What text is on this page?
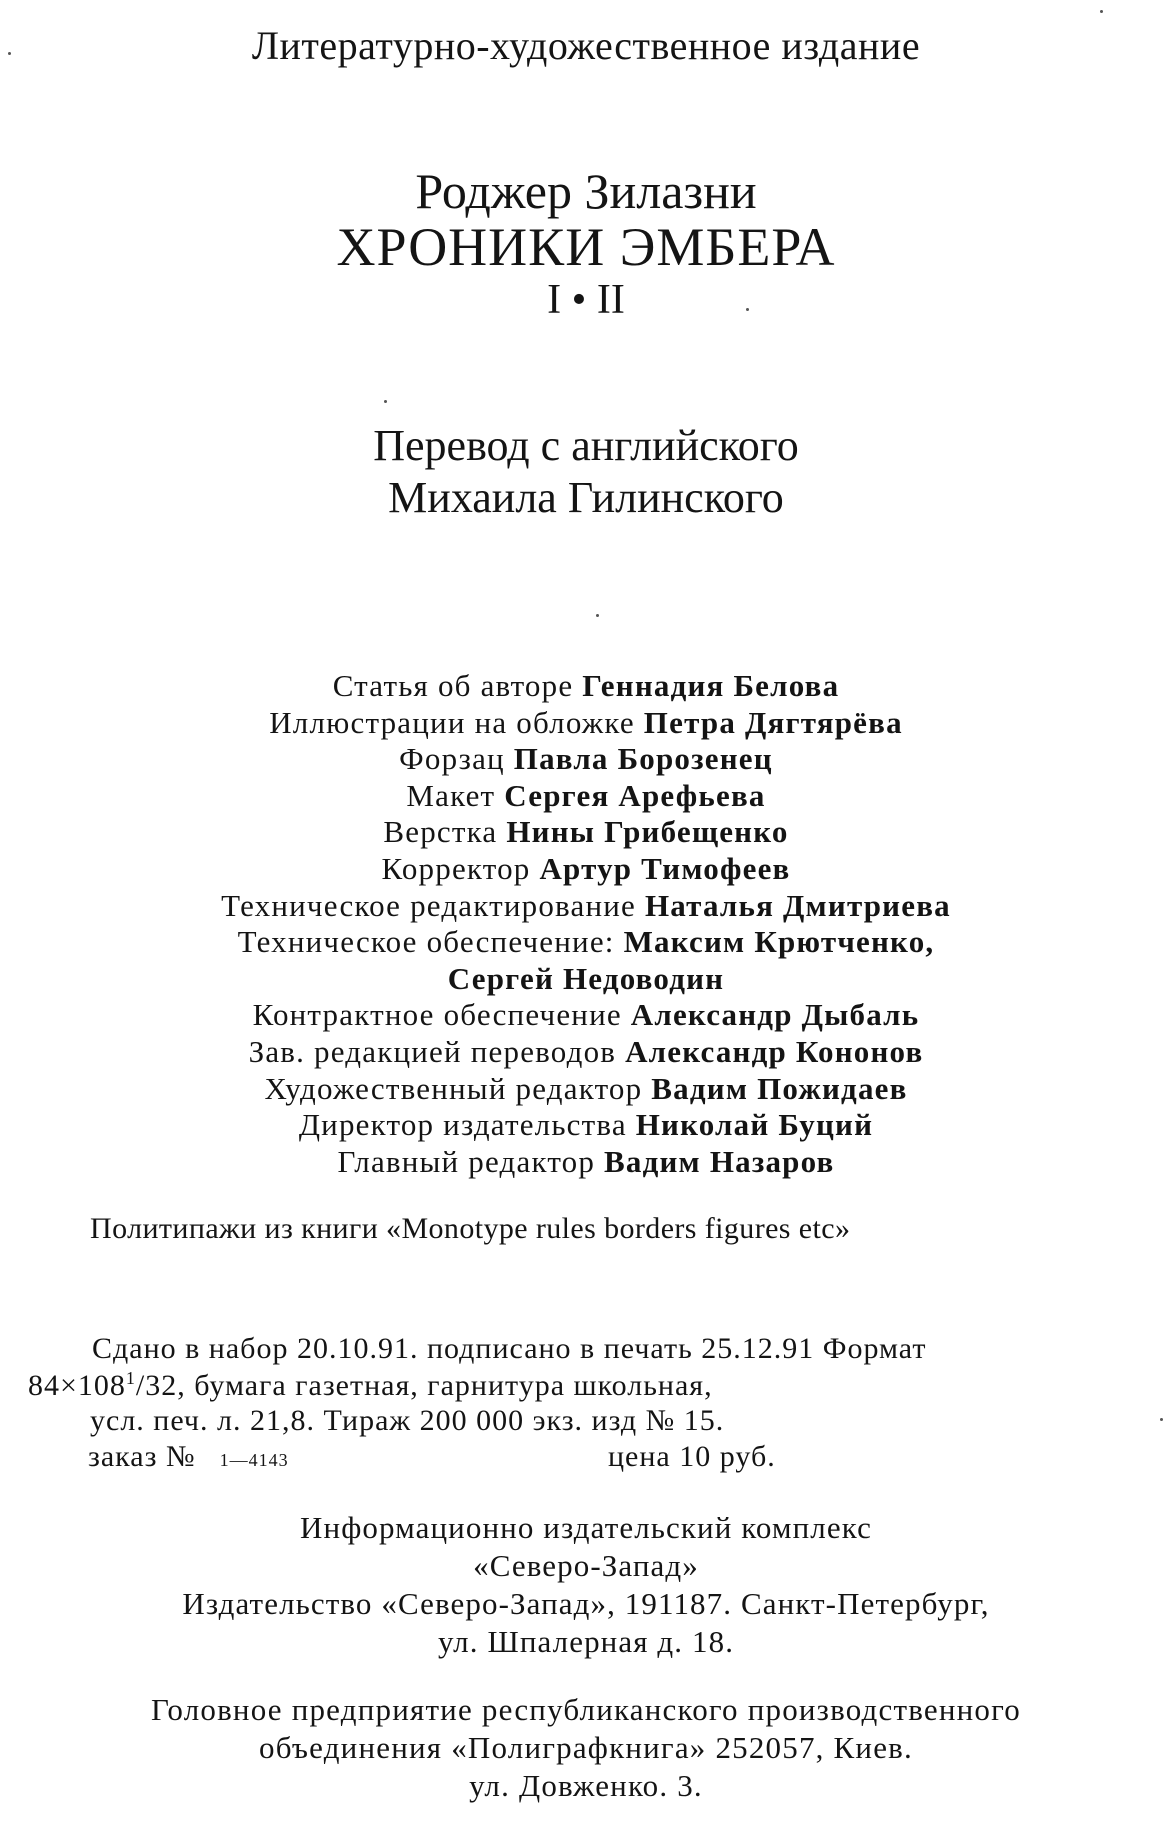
Литературно-художественное издание
Роджер Зилазни
ХРОНИКИ ЭМБЕРА
I • II
Перевод с английского
Михаила Гилинского
Статья об авторе Геннадия Белова
Иллюстрации на обложке Петра Дягтярёва
Форзац Павла Борозенец
Макет Сергея Арефьева
Верстка Нины Грибещенко
Корректор Артур Тимофеев
Техническое редактирование Наталья Дмитриева
Техническое обеспечение: Максим Крютченко,
Сергей Недоводин
Контрактное обеспечение Александр Дыбаль
Зав. редакцией переводов Александр Кононов
Художественный редактор Вадим Пожидаев
Директор издательства Николай Буций
Главный редактор Вадим Назаров
Политипажи из книги «Monotype rules borders figures etc»
Сдано в набор 20.10.91. подписано в печать 25.12.91 Формат
$84\times 108^1/32$, бумага газетная, гарнитура школьная,
усл. печ. л. 21,8. Тираж 200 000 экз. изд № 15.
заказ № 1—4143	цена 10 руб.
Информационно издательский комплекс
«Северо-Запад»
Издательство «Северо-Запад», 191187. Санкт-Петербург,
ул. Шпалерная д. 18.
Головное предприятие республиканского производственного
объединения «Полиграфкнига» 252057, Киев.
ул. Довженко. 3.
